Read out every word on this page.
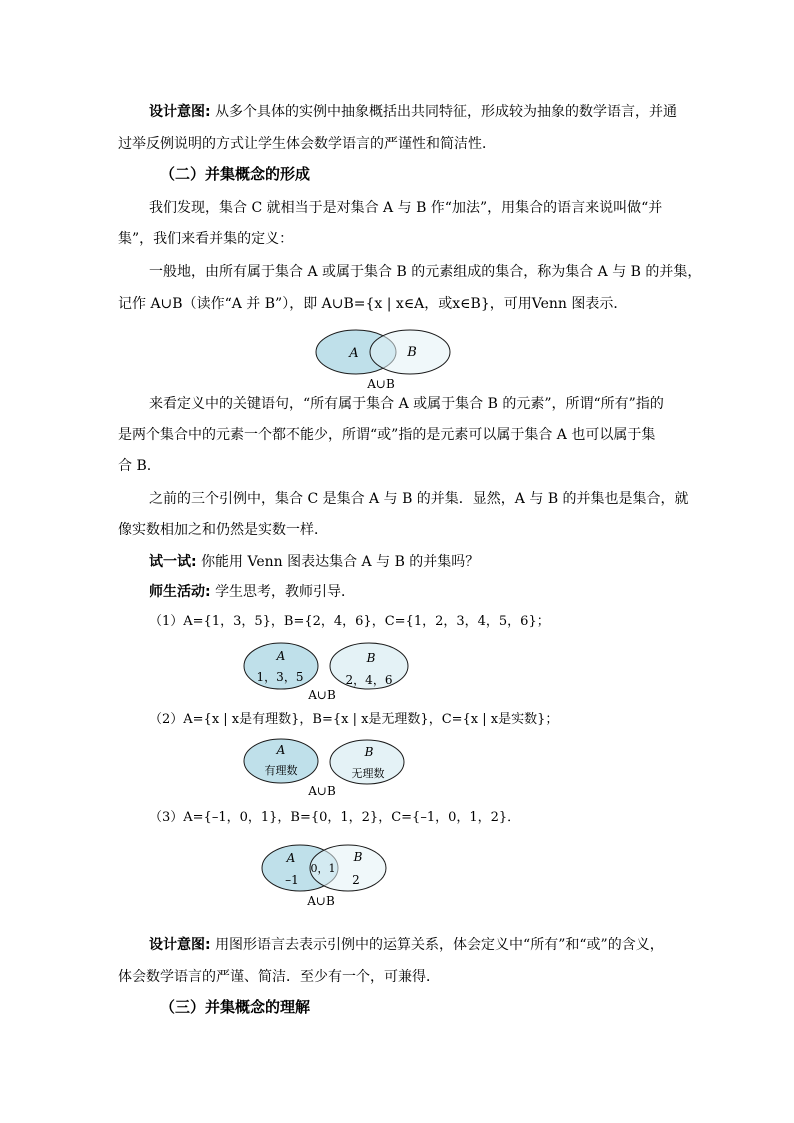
设计意图: 从多个具体的实例中抽象概括出共同特征，形成较为抽象的数学语言，并通
过举反例说明的方式让学生体会数学语言的严谨性和简洁性．
（二）并集概念的形成
我们发现，集合 C 就相当于是对集合 A 与 B 作“加法”，用集合的语言来说叫做“并
集”，我们来看并集的定义：
一般地，由所有属于集合 A 或属于集合 B 的元素组成的集合，称为集合 A 与 B 的并集，
记作 A∪B（读作“A 并 B”），即 A∪B={x | x∈A，或x∈B}，可用Venn 图表示．
A	B
A∪B
A
1，3，5
B
2，4，6
A∪B
A
有理数
B
无理数
A∪B
A
–1
0，1
B
2
A∪B
来看定义中的关键语句，“所有属于集合 A 或属于集合 B 的元素”，所谓“所有”指的
是两个集合中的元素一个都不能少，所谓“或”指的是元素可以属于集合 A 也可以属于集
合 B.
之前的三个引例中，集合 C 是集合 A 与 B 的并集．显然，A 与 B 的并集也是集合，就
像实数相加之和仍然是实数一样．
试一试: 你能用 Venn 图表达集合 A 与 B 的并集吗？
师生活动: 学生思考，教师引导．
（1）A={1，3，5}，B={2，4，6}，C={1，2，3，4，5，6}；
（2）A={x | x是有理数}，B={x | x是无理数}，C={x | x是实数}；
（3）A={–1，0，1}，B={0，1，2}，C={–1，0，1，2}．
设计意图: 用图形语言去表示引例中的运算关系，体会定义中“所有”和“或”的含义，
体会数学语言的严谨、简洁．至少有一个，可兼得．
（三）并集概念的理解
